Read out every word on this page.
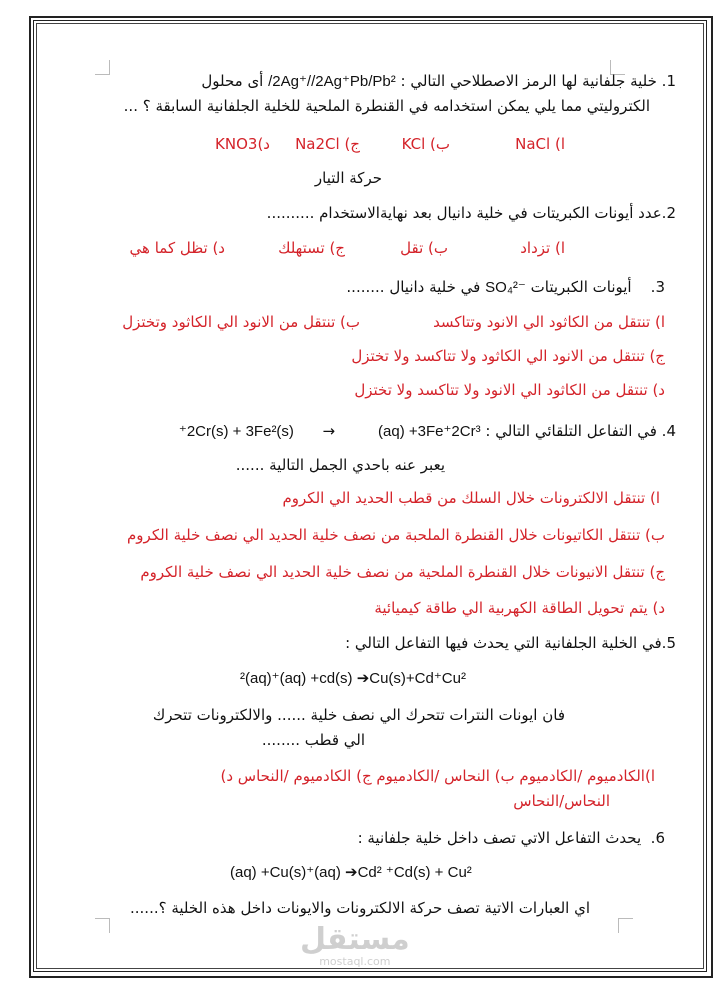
1. خلية جلفانية لها الرمز الاصطلاحي التالي : /2Ag⁺//2Ag⁺Pb/Pb² أى محلول
الكتروليتي مما يلي يمكن استخدامه في القنطرة الملحية للخلية الجلفانية السابقة ؟ ...
ا) NaCl
ب) KCl
ج) Na2Cl
د)KNO3
حركة التيار
2.عدد أيونات الكبريتات في خلية دانيال بعد نهايةالاستخدام ..........
ا) تزداد
ب) تقل
ج) تستهلك
د) تظل كما هي
3.    أيونات الكبريتات SO₄²⁻ في خلية دانيال ........
ا) تنتقل من الكاثود الي الانود وتتاكسد
ب) تنتقل من الانود الي الكاثود وتختزل
ج) تنتقل من الانود الي الكاثود ولا تتاكسد ولا تختزل
د) تنتقل من الكاثود الي الانود ولا تتاكسد ولا تختزل
4. في التفاعل التلقائي التالي : ⁺2Cr(s) + 3Fe²(s) →	(aq) +3Fe⁺2Cr³
يعبر عنه باحدي الجمل التالية ......
ا) تنتقل الالكترونات خلال السلك من قطب الحديد الي الكروم
ب) تنتقل الكاتيونات خلال القنطرة الملحبة من نصف خلية الحديد الي نصف خلية الكروم
ج) تنتقل الانيونات خلال القنطرة الملحية من نصف خلية الحديد الي نصف خلية الكروم
د) يتم تحويل الطاقة الكهربية الي طاقة كيميائية
5.في الخلية الجلفانية التي يحدث فيها التفاعل التالي :
²(aq)⁺(aq) +cd(s) ➔Cu(s)+Cd⁺Cu²
فان ايونات النترات تتحرك الي نصف خلية ...... والالكترونات تتحرك
الي قطب ........
ا)الكادميوم /الكادميوم ب) النحاس /الكادميوم ج) الكادميوم /النحاس د)
النحاس/النحاس
6.  يحدث التفاعل الاتي تصف داخل خلية جلفانية :
(aq) +Cu(s)⁺(aq) ➔Cd² ⁺Cd(s) + Cu²
اي العبارات الاتية تصف حركة الالكترونات والايونات داخل هذه الخلية ؟......
مستقل
mostaql.com
